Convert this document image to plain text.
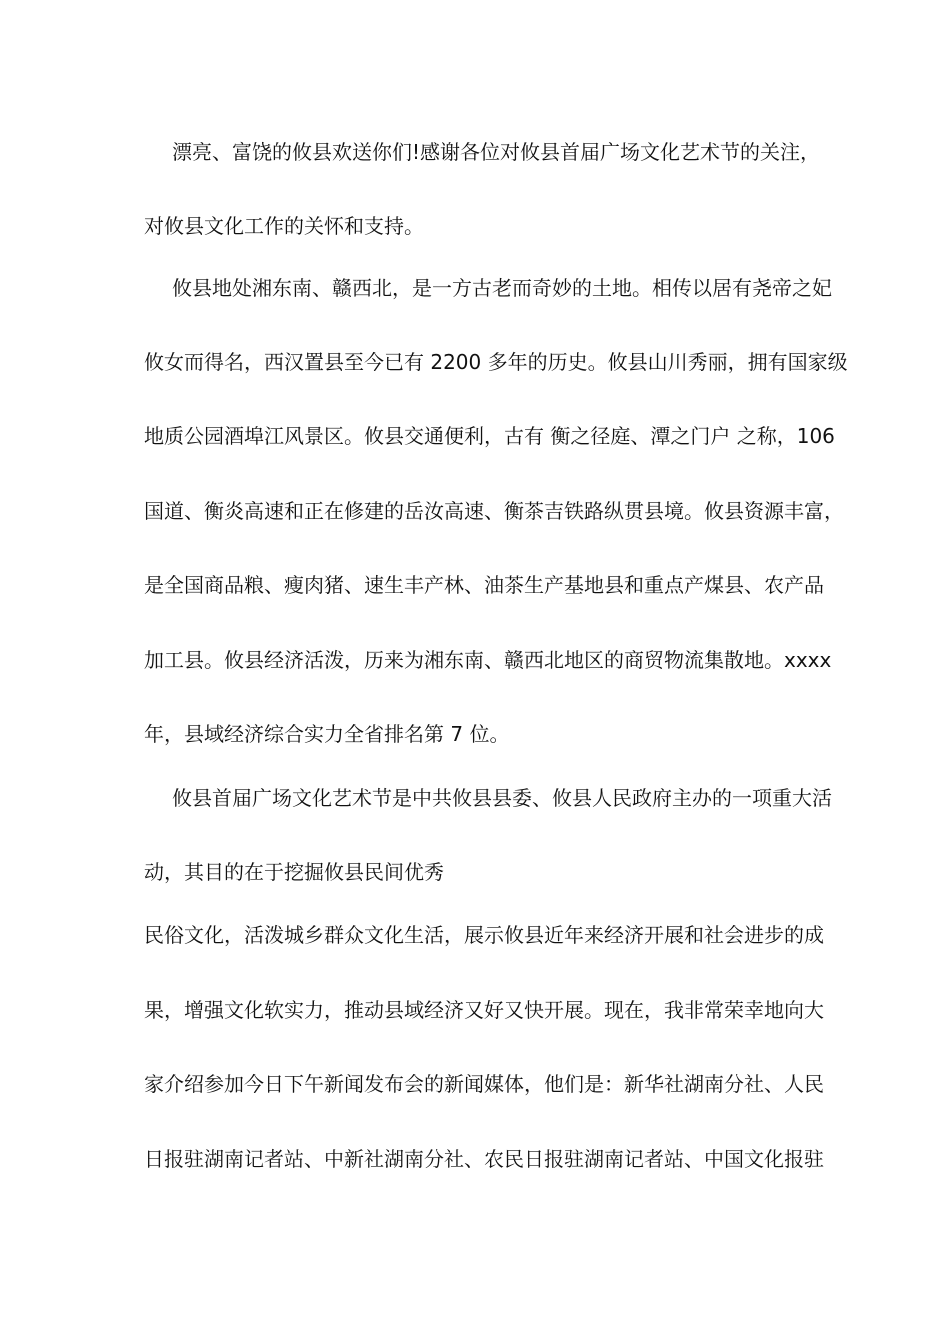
漂亮、富饶的攸县欢送你们!感谢各位对攸县首届广场文化艺术节的关注，
对攸县文化工作的关怀和支持。
攸县地处湘东南、赣西北，是一方古老而奇妙的土地。相传以居有尧帝之妃
攸女而得名，西汉置县至今已有 2200 多年的历史。攸县山川秀丽，拥有国家级
地质公园酒埠江风景区。攸县交通便利，古有 衡之径庭、潭之门户 之称，106
国道、衡炎高速和正在修建的岳汝高速、衡茶吉铁路纵贯县境。攸县资源丰富，
是全国商品粮、瘦肉猪、速生丰产林、油茶生产基地县和重点产煤县、农产品
加工县。攸县经济活泼，历来为湘东南、赣西北地区的商贸物流集散地。xxxx
年，县域经济综合实力全省排名第 7 位。
攸县首届广场文化艺术节是中共攸县县委、攸县人民政府主办的一项重大活
动，其目的在于挖掘攸县民间优秀
民俗文化，活泼城乡群众文化生活，展示攸县近年来经济开展和社会进步的成
果，增强文化软实力，推动县域经济又好又快开展。现在，我非常荣幸地向大
家介绍参加今日下午新闻发布会的新闻媒体，他们是：新华社湖南分社、人民
日报驻湖南记者站、中新社湖南分社、农民日报驻湖南记者站、中国文化报驻
